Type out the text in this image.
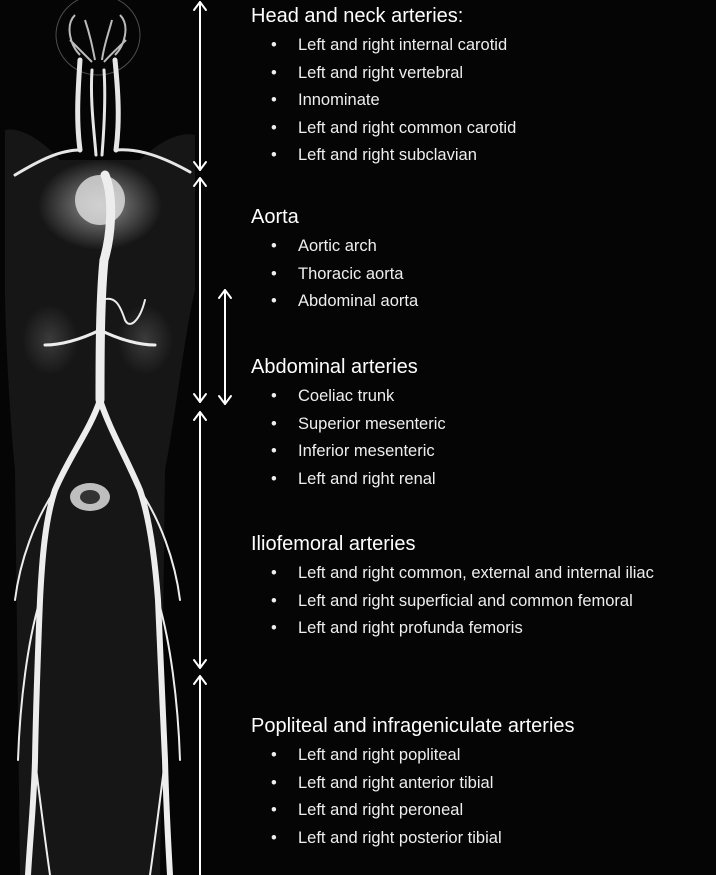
Head and neck arteries:
• Left and right internal carotid
• Left and right vertebral
• Innominate
• Left and right common carotid
• Left and right subclavian
Aorta
• Aortic arch
• Thoracic aorta
• Abdominal aorta
Abdominal arteries
• Coeliac trunk
• Superior mesenteric
• Inferior mesenteric
• Left and right renal
Iliofemoral arteries
• Left and right common, external and internal iliac
• Left and right superficial and common femoral
• Left and right profunda femoris
Popliteal and infrageniculate arteries
• Left and right popliteal
• Left and right anterior tibial
• Left and right peroneal
• Left and right posterior tibial
